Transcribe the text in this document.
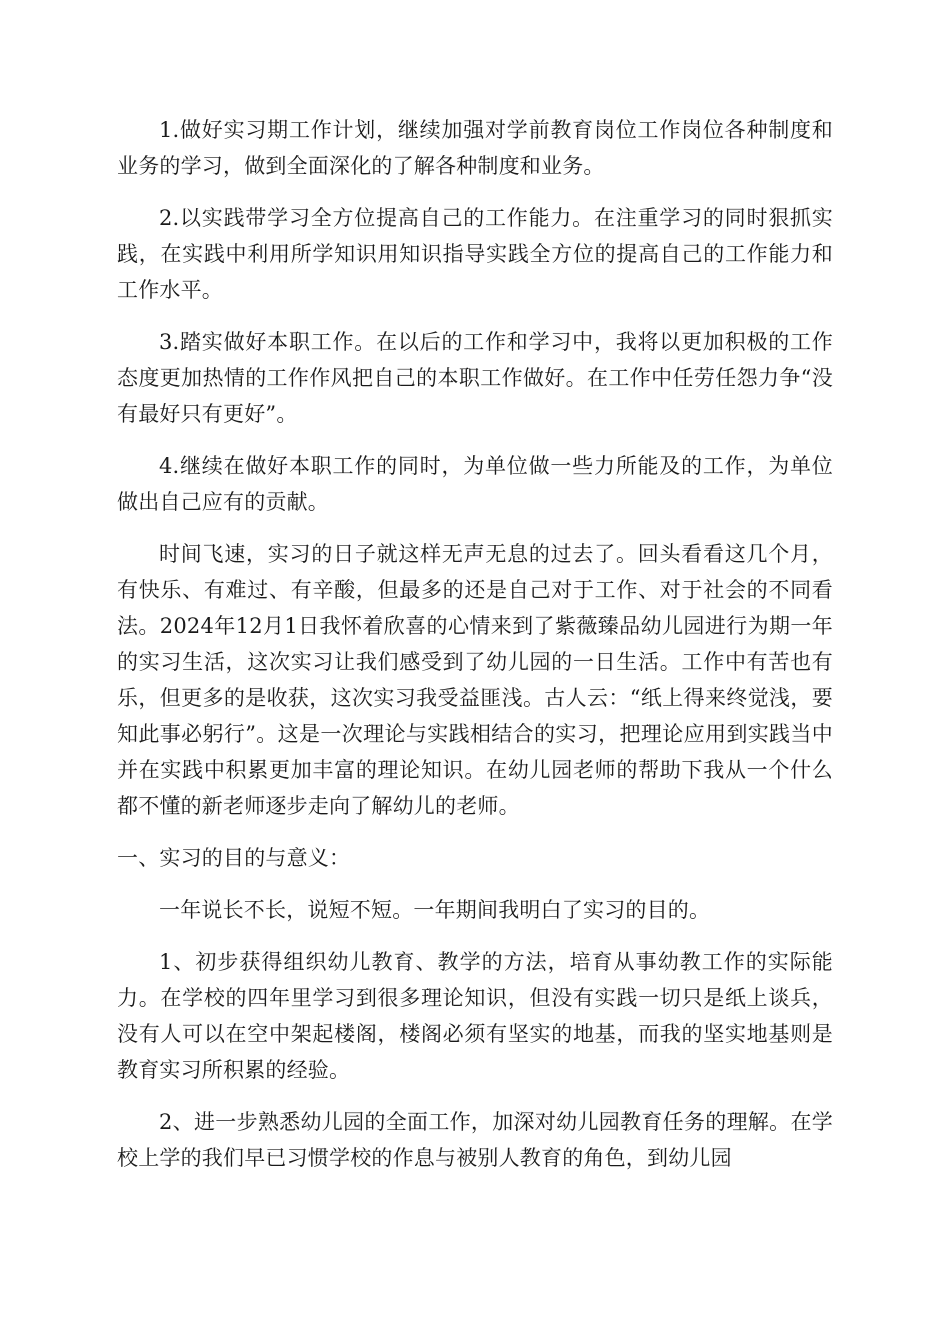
1.做好实习期工作计划，继续加强对学前教育岗位工作岗位各种制度和业务的学习，做到全面深化的了解各种制度和业务。

2.以实践带学习全方位提高自己的工作能力。在注重学习的同时狠抓实践，在实践中利用所学知识用知识指导实践全方位的提高自己的工作能力和工作水平。

3.踏实做好本职工作。在以后的工作和学习中，我将以更加积极的工作态度更加热情的工作作风把自己的本职工作做好。在工作中任劳任怨力争“没有最好只有更好”。

4.继续在做好本职工作的同时，为单位做一些力所能及的工作，为单位做出自己应有的贡献。

时间飞速，实习的日子就这样无声无息的过去了。回头看看这几个月，有快乐、有难过、有辛酸，但最多的还是自己对于工作、对于社会的不同看法。2024年12月1日我怀着欣喜的心情来到了紫薇臻品幼儿园进行为期一年的实习生活，这次实习让我们感受到了幼儿园的一日生活。工作中有苦也有乐，但更多的是收获，这次实习我受益匪浅。古人云：“纸上得来终觉浅，要知此事必躬行”。这是一次理论与实践相结合的实习，把理论应用到实践当中并在实践中积累更加丰富的理论知识。在幼儿园老师的帮助下我从一个什么都不懂的新老师逐步走向了解幼儿的老师。

一、实习的目的与意义：

一年说长不长，说短不短。一年期间我明白了实习的目的。

1、初步获得组织幼儿教育、教学的方法，培育从事幼教工作的实际能力。在学校的四年里学习到很多理论知识，但没有实践一切只是纸上谈兵，没有人可以在空中架起楼阁，楼阁必须有坚实的地基，而我的坚实地基则是教育实习所积累的经验。

2、进一步熟悉幼儿园的全面工作，加深对幼儿园教育任务的理解。在学校上学的我们早已习惯学校的作息与被别人教育的角色，到幼儿园
